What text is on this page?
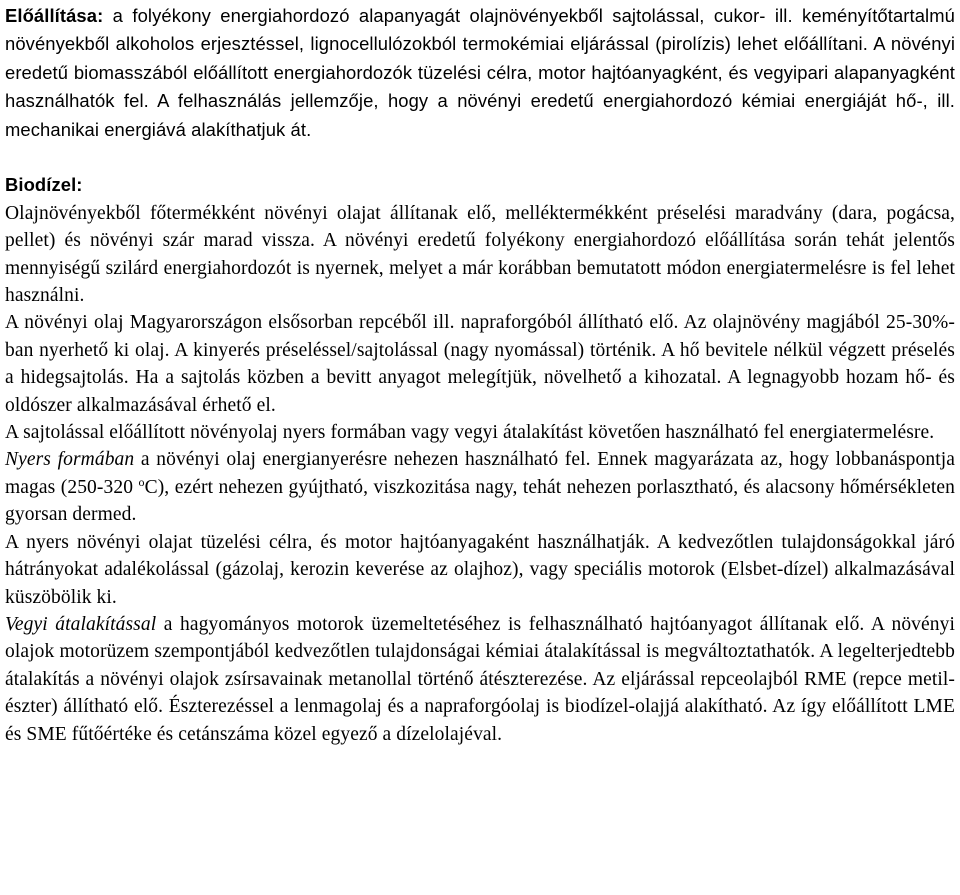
Előállítása: a folyékony energiahordozó alapanyagát olajnövényekből sajtolással, cukor- ill. keményítőtartalmú növényekből alkoholos erjesztéssel, lignocellulózokból termokémiai eljárással (pirolízis) lehet előállítani. A növényi eredetű biomasszából előállított energiahordozók tüzelési célra, motor hajtóanyagként, és vegyipari alapanyagként használhatók fel. A felhasználás jellemzője, hogy a növényi eredetű energiahordozó kémiai energiáját hő-, ill. mechanikai energiává alakíthatjuk át.

Biodízel:

Olajnövényekből főtermékként növényi olajat állítanak elő, melléktermékként préselési maradvány (dara, pogácsa, pellet) és növényi szár marad vissza. A növényi eredetű folyékony energiahordozó előállítása során tehát jelentős mennyiségű szilárd energiahordozót is nyernek, melyet a már korábban bemutatott módon energiatermelésre is fel lehet használni.

A növényi olaj Magyarországon elsősorban repcéből ill. napraforgóból állítható elő. Az olajnövény magjából 25-30%-ban nyerhető ki olaj. A kinyerés préseléssel/sajtolással (nagy nyomással) történik. A hő bevitele nélkül végzett préselés a hidegsajtolás. Ha a sajtolás közben a bevitt anyagot melegítjük, növelhető a kihozatal. A legnagyobb hozam hő- és oldószer alkalmazásával érhető el.

A sajtolással előállított növényolaj nyers formában vagy vegyi átalakítást követően használható fel energiatermelésre.

Nyers formában a növényi olaj energianyerésre nehezen használható fel. Ennek magyarázata az, hogy lobbanáspontja magas (250-320 $^o$C), ezért nehezen gyújtható, viszkozitása nagy, tehát nehezen porlasztható, és alacsony hőmérsékleten gyorsan dermed.

A nyers növényi olajat tüzelési célra, és motor hajtóanyagaként használhatják. A kedvezőtlen tulajdonságokkal járó hátrányokat adalékolással (gázolaj, kerozin keverése az olajhoz), vagy speciális motorok (Elsbet-dízel) alkalmazásával küszöbölik ki.

Vegyi átalakítással a hagyományos motorok üzemeltetéséhez is felhasználható hajtóanyagot állítanak elő. A növényi olajok motorüzem szempontjából kedvezőtlen tulajdonságai kémiai átalakítással is megváltoztathatók. A legelterjedtebb átalakítás a növényi olajok zsírsavainak metanollal történő átészterezése. Az eljárással repceolajból RME (repce metil-észter) állítható elő. Észterezéssel a lenmagolaj és a napraforgóolaj is biodízel-olajjá alakítható. Az így előállított LME és SME fűtőértéke és cetánszáma közel egyező a dízelolajéval.
